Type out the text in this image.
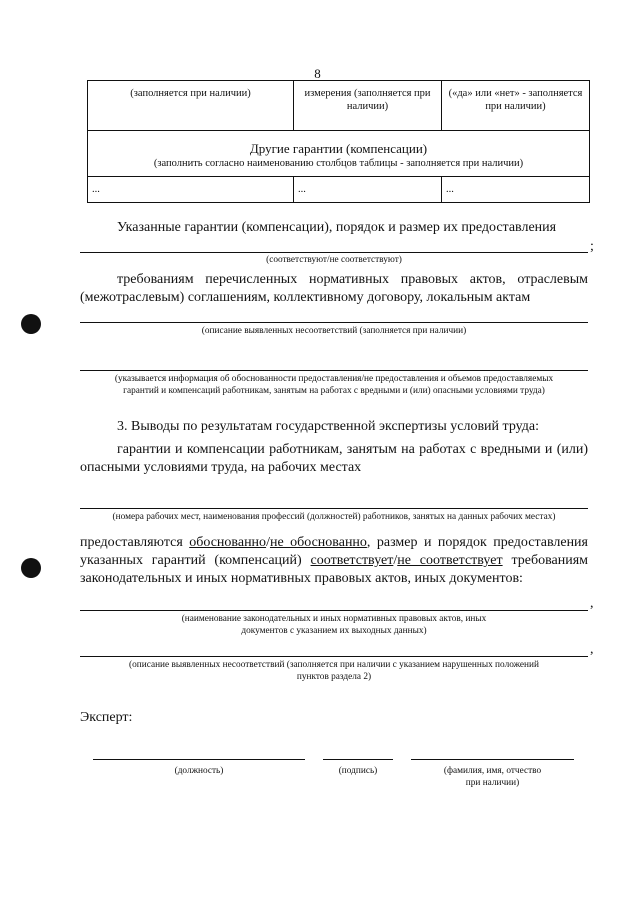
8
(заполняется при наличии)	измерения (заполняется при наличии)	(«да» или «нет» - заполняется при наличии)

Другие гарантии (компенсации)
(заполнить согласно наименованию столбцов таблицы - заполняется при наличии)		

...	...	...
Указанные гарантии (компенсации), порядок и размер их предоставления
;
(соответствуют/не соответствуют)
требованиям перечисленных нормативных правовых актов, отраслевым (межотраслевым) соглашениям, коллективному договору, локальным актам
(описание выявленных несоответствий (заполняется при наличии)
(указывается информация об обоснованности предоставления/не предоставления и объемов предоставляемых
гарантий и компенсаций работникам, занятым на работах с вредными и (или) опасными условиями труда)
3. Выводы по результатам государственной экспертизы условий труда:
гарантии и компенсации работникам, занятым на работах с вредными и (или) опасными условиями труда, на рабочих местах
(номера рабочих мест, наименования профессий (должностей) работников, занятых на данных рабочих местах)
предоставляются обоснованно/не обоснованно, размер и порядок предоставления указанных гарантий (компенсаций) соответствует/не соответствует требованиям законодательных и иных нормативных правовых актов, иных документов:
,
(наименование законодательных и иных нормативных правовых актов, иных
документов с указанием их выходных данных)
,
(описание выявленных несоответствий (заполняется при наличии с указанием нарушенных положений
пунктов раздела 2)
Эксперт:
(должность)	(подпись)	(фамилия, имя, отчество
при наличии)
